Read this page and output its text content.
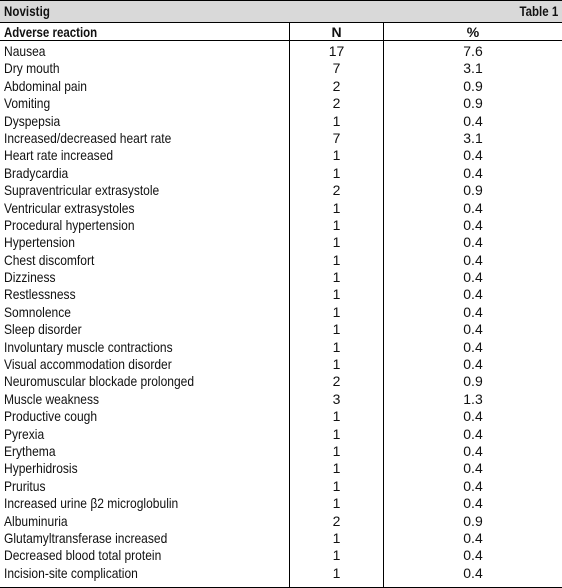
Novistig	Table 1
Adverse reaction	N	%
Nausea	17	7.6
Dry mouth	7	3.1
Abdominal pain	2	0.9
Vomiting	2	0.9
Dyspepsia	1	0.4
Increased/decreased heart rate	7	3.1
Heart rate increased	1	0.4
Bradycardia	1	0.4
Supraventricular extrasystole	2	0.9
Ventricular extrasystoles	1	0.4
Procedural hypertension	1	0.4
Hypertension	1	0.4
Chest discomfort	1	0.4
Dizziness	1	0.4
Restlessness	1	0.4
Somnolence	1	0.4
Sleep disorder	1	0.4
Involuntary muscle contractions	1	0.4
Visual accommodation disorder	1	0.4
Neuromuscular blockade prolonged	2	0.9
Muscle weakness	3	1.3
Productive cough	1	0.4
Pyrexia	1	0.4
Erythema	1	0.4
Hyperhidrosis	1	0.4
Pruritus	1	0.4
Increased urine β2 microglobulin	1	0.4
Albuminuria	2	0.9
Glutamyltransferase increased	1	0.4
Decreased blood total protein	1	0.4
Incision-site complication	1	0.4
